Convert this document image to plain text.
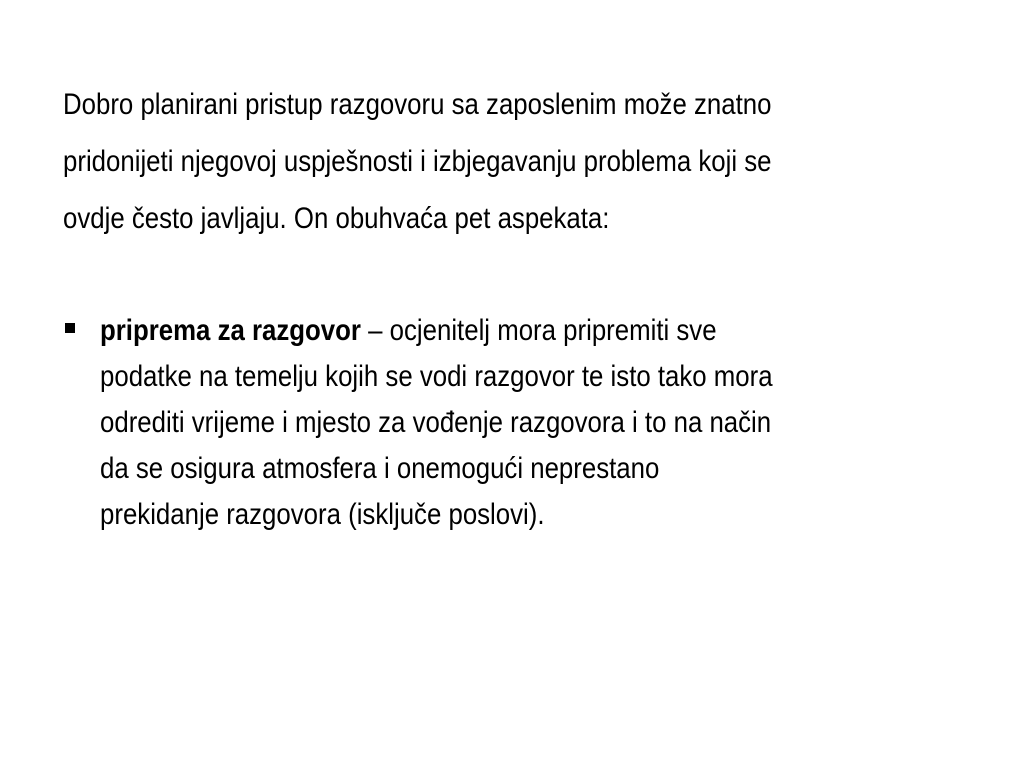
Dobro planirani pristup razgovoru sa zaposlenim može znatno
pridonijeti njegovoj uspješnosti i izbjegavanju problema koji se
ovdje često javljaju. On obuhvaća pet aspekata:

priprema za razgovor – ocjenitelj mora pripremiti sve
podatke na temelju kojih se vodi razgovor te isto tako mora
odrediti vrijeme i mjesto za vođenje razgovora i to na način
da se osigura atmosfera i onemogući neprestano
prekidanje razgovora (isključe poslovi).
